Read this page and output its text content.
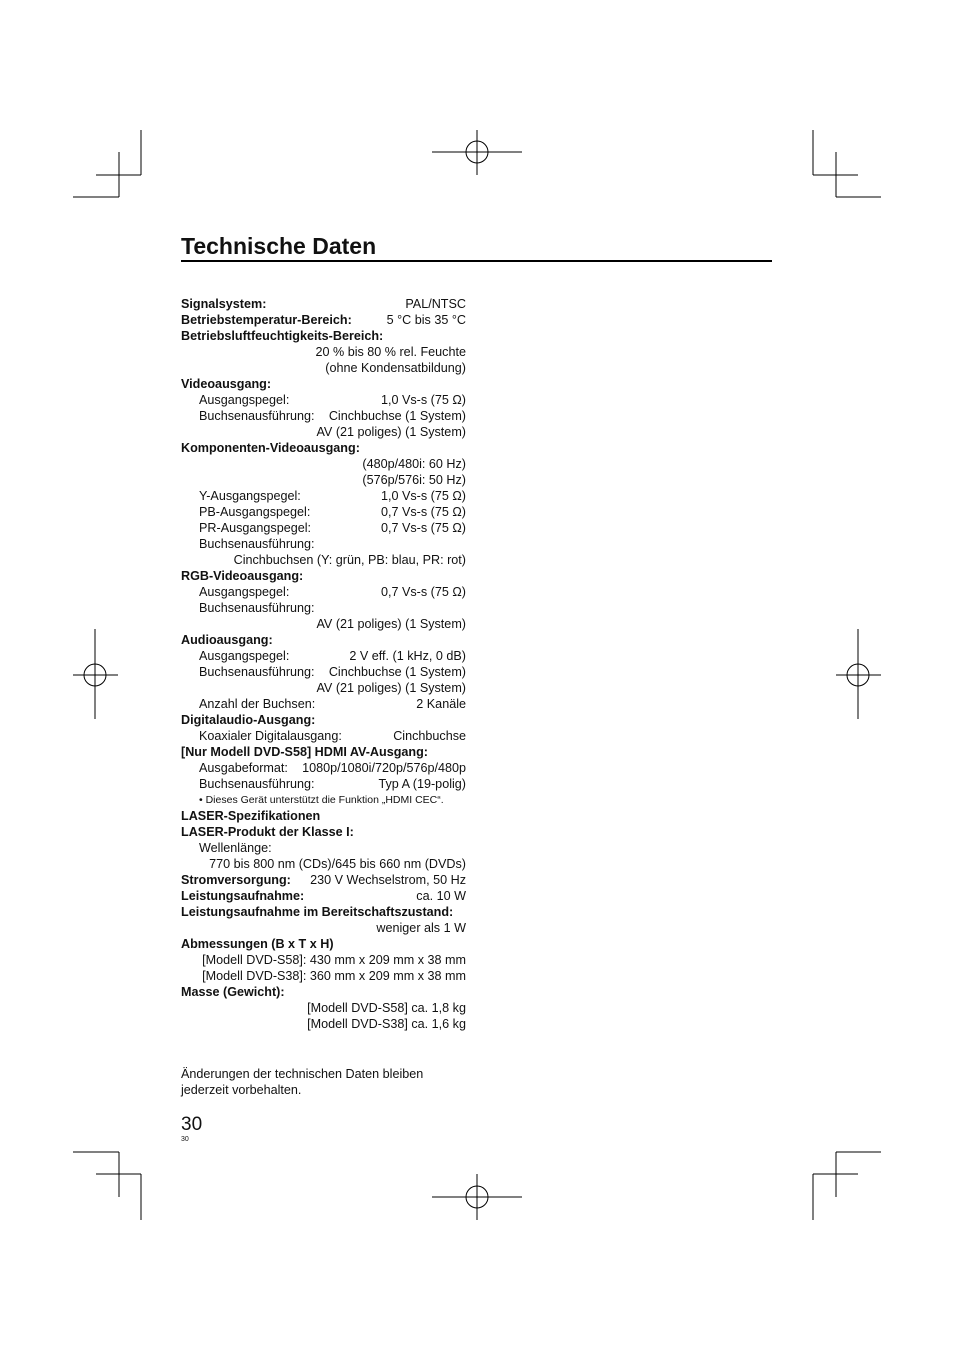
Technische Daten
Signalsystem:	PAL/NTSC
Betriebstemperatur-Bereich:	5 °C bis 35 °C
Betriebsluftfeuchtigkeits-Bereich:
20 % bis 80 % rel. Feuchte
(ohne Kondensatbildung)
Videoausgang:
Ausgangspegel:	1,0 Vs-s (75 Ω)
Buchsenausführung: Cinchbuchse (1 System)
AV (21 poliges) (1 System)
Komponenten-Videoausgang:
(480p/480i: 60 Hz)
(576p/576i: 50 Hz)
Y-Ausgangspegel:	1,0 Vs-s (75 Ω)
PB-Ausgangspegel:	0,7 Vs-s (75 Ω)
PR-Ausgangspegel:	0,7 Vs-s (75 Ω)
Buchsenausführung:
Cinchbuchsen (Y: grün, PB: blau, PR: rot)
RGB-Videoausgang:
Ausgangspegel:	0,7 Vs-s (75 Ω)
Buchsenausführung:
AV (21 poliges) (1 System)
Audioausgang:
Ausgangspegel:	2 V eff. (1 kHz, 0 dB)
Buchsenausführung: Cinchbuchse (1 System)
AV (21 poliges) (1 System)
Anzahl der Buchsen:	2 Kanäle
Digitalaudio-Ausgang:
Koaxialer Digitalausgang:	Cinchbuchse
[Nur Modell DVD-S58] HDMI AV-Ausgang:
Ausgabeformat: 1080p/1080i/720p/576p/480p
Buchsenausführung:	Typ A (19-polig)
• Dieses Gerät unterstützt die Funktion „HDMI CEC“.
LASER-Spezifikationen
LASER-Produkt der Klasse I:
Wellenlänge:
770 bis 800 nm (CDs)/645 bis 660 nm (DVDs)
Stromversorgung: 230 V Wechselstrom, 50 Hz
Leistungsaufnahme:	ca. 10 W
Leistungsaufnahme im Bereitschaftszustand:
weniger als 1 W
Abmessungen (B x T x H)
[Modell DVD-S58]: 430 mm x 209 mm x 38 mm
[Modell DVD-S38]: 360 mm x 209 mm x 38 mm
Masse (Gewicht):
[Modell DVD-S58] ca. 1,8 kg
[Modell DVD-S38] ca. 1,6 kg
Änderungen der technischen Daten bleiben
jederzeit vorbehalten.
30
30
